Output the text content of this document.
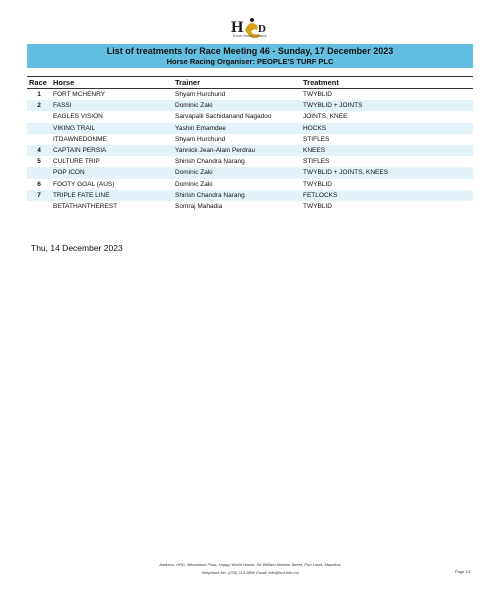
H D
Horse Racing Division
List of treatments for Race Meeting 46 - Sunday, 17 December 2023
Horse Racing Organiser: PEOPLE'S TURF PLC
Race	Horse	Trainer	Treatment
1	FORT MCHENRY	Shyam Hurchund	TWYBLID
2	FASSI	Dominic Zaki	TWYBLID + JOINTS
	EAGLES VISION	Sarvapalli Sachidanand Nagadoo	JOINTS, KNEE
	VIKING TRAIL	Yashin Emamdee	HOCKS
	ITDAWNEDONME	Shyam Hurchund	STIFLES
4	CAPTAIN PERSIA	Yannick Jean-Alain Perdrau	KNEES
5	CULTURE TRIP	Shirish Chandra Narang	STIFLES
	POP ICON	Dominic Zaki	TWYBLID + JOINTS, KNEES
6	FOOTY GOAL (AUS)	Dominic Zaki	TWYBLID
7	TRIPLE FATE LINE	Shirish Chandra Narang	FETLOCKS
	BETATHANTHEREST	Somraj Mahadia	TWYBLID
Thu, 14 December 2023
Address: HRD, Mezzanine Floor, Happy World House, Sir William Newton Street, Port Louis, Mauritius
Telephone No: (230) 214 9800 Email: info@hrd.info.mu	Page 1/1
